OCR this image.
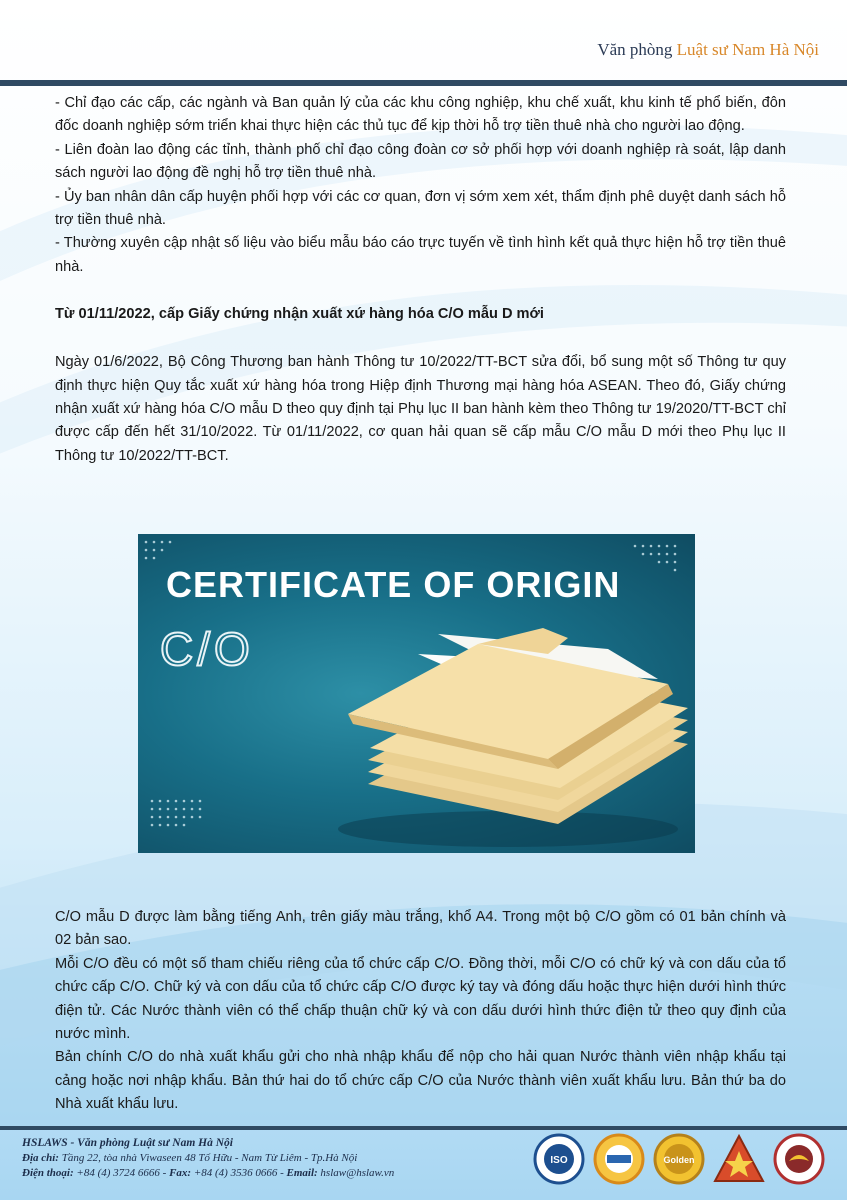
Văn phòng Luật sư Nam Hà Nội

- Chỉ đạo các cấp, các ngành và Ban quản lý của các khu công nghiệp, khu chế xuất, khu kinh tế phổ biến, đôn đốc doanh nghiệp sớm triển khai thực hiện các thủ tục để kịp thời hỗ trợ tiền thuê nhà cho người lao động.

- Liên đoàn lao động các tỉnh, thành phố chỉ đạo công đoàn cơ sở phối hợp với doanh nghiệp rà soát, lập danh sách người lao động đề nghị hỗ trợ tiền thuê nhà.

- Ủy ban nhân dân cấp huyện phối hợp với các cơ quan, đơn vị sớm xem xét, thẩm định phê duyệt danh sách hỗ trợ tiền thuê nhà.

- Thường xuyên cập nhật số liệu vào biểu mẫu báo cáo trực tuyến về tình hình kết quả thực hiện hỗ trợ tiền thuê nhà.

Từ 01/11/2022, cấp Giấy chứng nhận xuất xứ hàng hóa C/O mẫu D mới

Ngày 01/6/2022, Bộ Công Thương ban hành Thông tư 10/2022/TT-BCT sửa đổi, bổ sung một số Thông tư quy định thực hiện Quy tắc xuất xứ hàng hóa trong Hiệp định Thương mại hàng hóa ASEAN. Theo đó, Giấy chứng nhận xuất xứ hàng hóa C/O mẫu D theo quy định tại Phụ lục II ban hành kèm theo Thông tư 19/2020/TT-BCT chỉ được cấp đến hết 31/10/2022. Từ 01/11/2022, cơ quan hải quan sẽ cấp mẫu C/O mẫu D mới theo Phụ lục II Thông tư 10/2022/TT-BCT.

CERTIFICATE OF ORIGIN
C/O

C/O mẫu D được làm bằng tiếng Anh, trên giấy màu trắng, khổ A4. Trong một bộ C/O gồm có 01 bản chính và 02 bản sao.

Mỗi C/O đều có một số tham chiếu riêng của tổ chức cấp C/O. Đồng thời, mỗi C/O có chữ ký và con dấu của tổ chức cấp C/O. Chữ ký và con dấu của tổ chức cấp C/O được ký tay và đóng dấu hoặc thực hiện dưới hình thức điện tử. Các Nước thành viên có thể chấp thuận chữ ký và con dấu dưới hình thức điện tử theo quy định của nước mình.

Bản chính C/O do nhà xuất khẩu gửi cho nhà nhập khẩu để nộp cho hải quan Nước thành viên nhập khẩu tại cảng hoặc nơi nhập khẩu. Bản thứ hai do tổ chức cấp C/O của Nước thành viên xuất khẩu lưu. Bản thứ ba do Nhà xuất khẩu lưu.

HSLAWS - Văn phòng Luật sư Nam Hà Nội
Địa chỉ: Tầng 22, tòa nhà Vìwaseen 48 Tố Hữu - Nam Từ Liêm - Tp.Hà Nội
Điện thoại: +84 (4) 3724 6666 - Fax: +84 (4) 3536 0666 - Email: hslaw@hslaw.vn
ISO	Golden
